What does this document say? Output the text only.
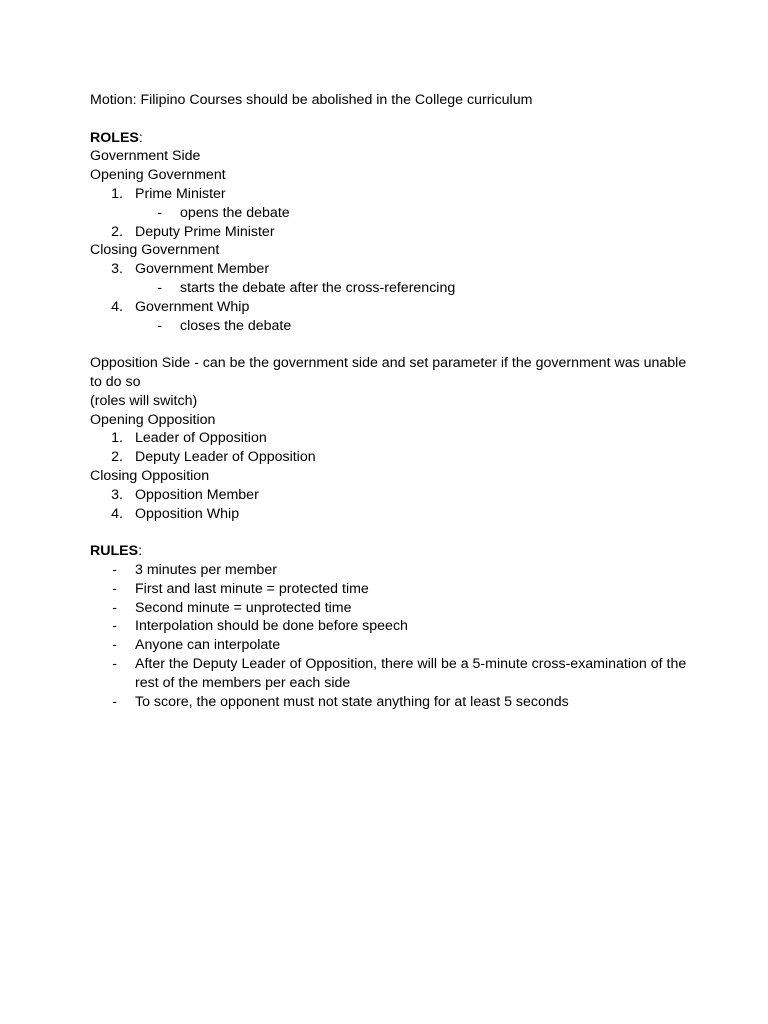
Motion: Filipino Courses should be abolished in the College curriculum
ROLES:
Government Side
Opening Government
1. Prime Minister
-	opens the debate
2. Deputy Prime Minister
Closing Government
3. Government Member
-	starts the debate after the cross-referencing
4. Government Whip
-	closes the debate
Opposition Side - can be the government side and set parameter if the government was unable to do so
(roles will switch)
Opening Opposition
1. Leader of Opposition
2. Deputy Leader of Opposition
Closing Opposition
3. Opposition Member
4. Opposition Whip
RULES:
-	3 minutes per member
-	First and last minute = protected time
-	Second minute = unprotected time
-	Interpolation should be done before speech
-	Anyone can interpolate
-	After the Deputy Leader of Opposition, there will be a 5-minute cross-examination of the rest of the members per each side
-	To score, the opponent must not state anything for at least 5 seconds
